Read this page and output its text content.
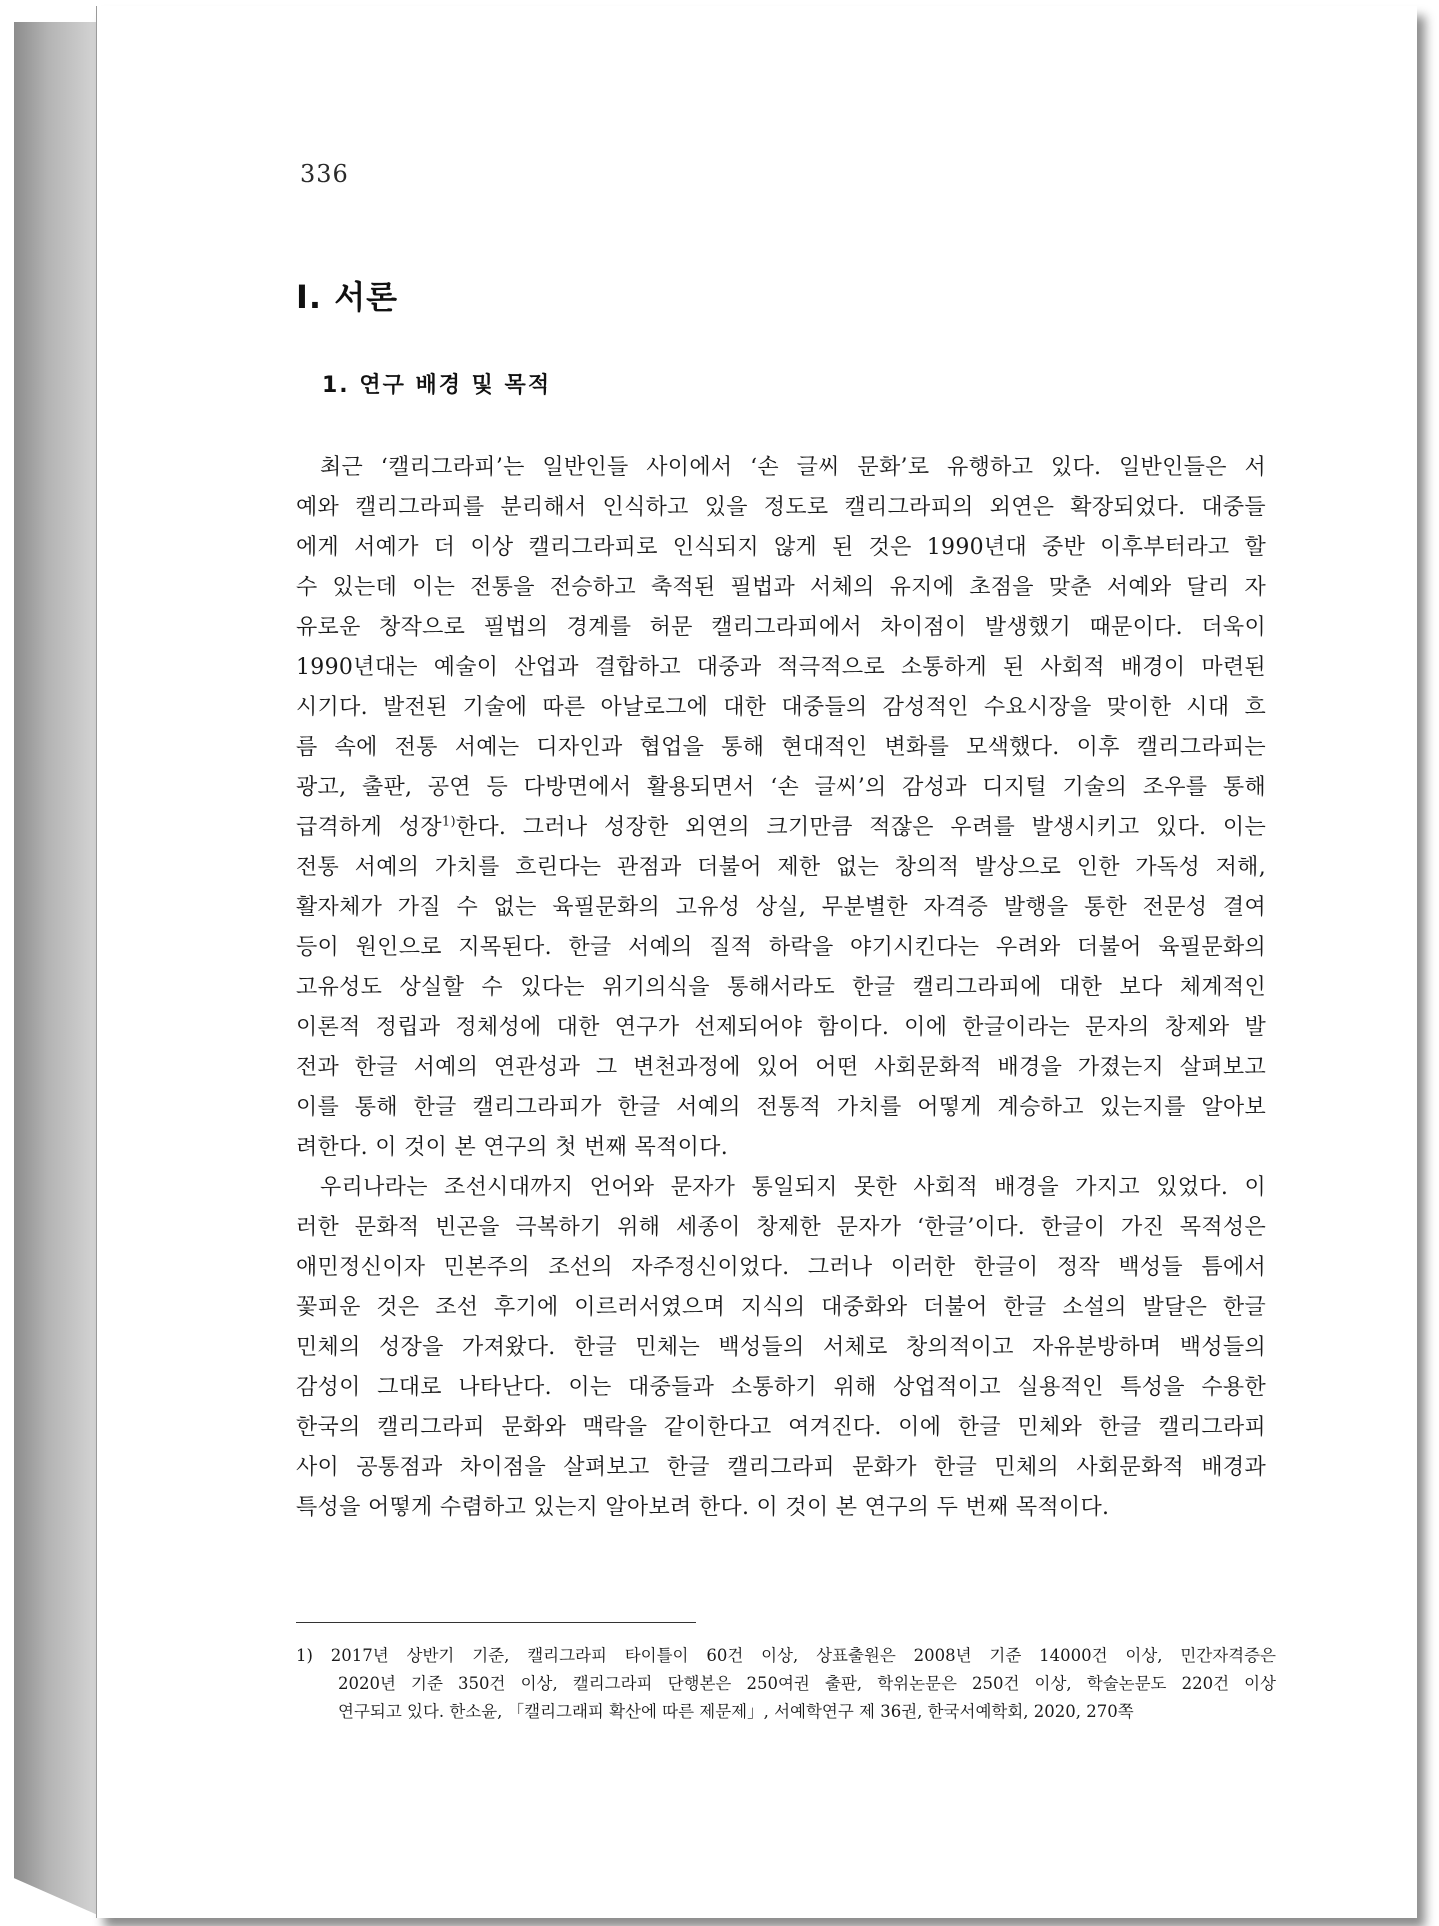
336
Ⅰ. 서론
1. 연구 배경 및 목적
최근 ‘캘리그라피’는 일반인들 사이에서 ‘손 글씨 문화’로 유행하고 있다. 일반인들은 서
예와 캘리그라피를 분리해서 인식하고 있을 정도로 캘리그라피의 외연은 확장되었다. 대중들
에게 서예가 더 이상 캘리그라피로 인식되지 않게 된 것은 1990년대 중반 이후부터라고 할
수 있는데 이는 전통을 전승하고 축적된 필법과 서체의 유지에 초점을 맞춘 서예와 달리 자
유로운 창작으로 필법의 경계를 허문 캘리그라피에서 차이점이 발생했기 때문이다. 더욱이
1990년대는 예술이 산업과 결합하고 대중과 적극적으로 소통하게 된 사회적 배경이 마련된
시기다. 발전된 기술에 따른 아날로그에 대한 대중들의 감성적인 수요시장을 맞이한 시대 흐
름 속에 전통 서예는 디자인과 협업을 통해 현대적인 변화를 모색했다. 이후 캘리그라피는
광고, 출판, 공연 등 다방면에서 활용되면서 ‘손 글씨’의 감성과 디지털 기술의 조우를 통해
급격하게 성장$^{1)}$한다. 그러나 성장한 외연의 크기만큼 적잖은 우려를 발생시키고 있다. 이는
전통 서예의 가치를 흐린다는 관점과 더불어 제한 없는 창의적 발상으로 인한 가독성 저해,
활자체가 가질 수 없는 육필문화의 고유성 상실, 무분별한 자격증 발행을 통한 전문성 결여
등이 원인으로 지목된다. 한글 서예의 질적 하락을 야기시킨다는 우려와 더불어 육필문화의
고유성도 상실할 수 있다는 위기의식을 통해서라도 한글 캘리그라피에 대한 보다 체계적인
이론적 정립과 정체성에 대한 연구가 선제되어야 함이다. 이에 한글이라는 문자의 창제와 발
전과 한글 서예의 연관성과 그 변천과정에 있어 어떤 사회문화적 배경을 가졌는지 살펴보고
이를 통해 한글 캘리그라피가 한글 서예의 전통적 가치를 어떻게 계승하고 있는지를 알아보
려한다. 이 것이 본 연구의 첫 번째 목적이다.
우리나라는 조선시대까지 언어와 문자가 통일되지 못한 사회적 배경을 가지고 있었다. 이
러한 문화적 빈곤을 극복하기 위해 세종이 창제한 문자가 ‘한글’이다. 한글이 가진 목적성은
애민정신이자 민본주의 조선의 자주정신이었다. 그러나 이러한 한글이 정작 백성들 틈에서
꽃피운 것은 조선 후기에 이르러서였으며 지식의 대중화와 더불어 한글 소설의 발달은 한글
민체의 성장을 가져왔다. 한글 민체는 백성들의 서체로 창의적이고 자유분방하며 백성들의
감성이 그대로 나타난다. 이는 대중들과 소통하기 위해 상업적이고 실용적인 특성을 수용한
한국의 캘리그라피 문화와 맥락을 같이한다고 여겨진다. 이에 한글 민체와 한글 캘리그라피
사이 공통점과 차이점을 살펴보고 한글 캘리그라피 문화가 한글 민체의 사회문화적 배경과
특성을 어떻게 수렴하고 있는지 알아보려 한다. 이 것이 본 연구의 두 번째 목적이다.
1) 2017년 상반기 기준, 캘리그라피 타이틀이 60건 이상, 상표출원은 2008년 기준 14000건 이상, 민간자격증은
2020년 기준 350건 이상, 캘리그라피 단행본은 250여권 출판, 학위논문은 250건 이상, 학술논문도 220건 이상
연구되고 있다. 한소윤, 「캘리그래피 확산에 따른 제문제」, 서예학연구 제 36권, 한국서예학회, 2020, 270쪽
